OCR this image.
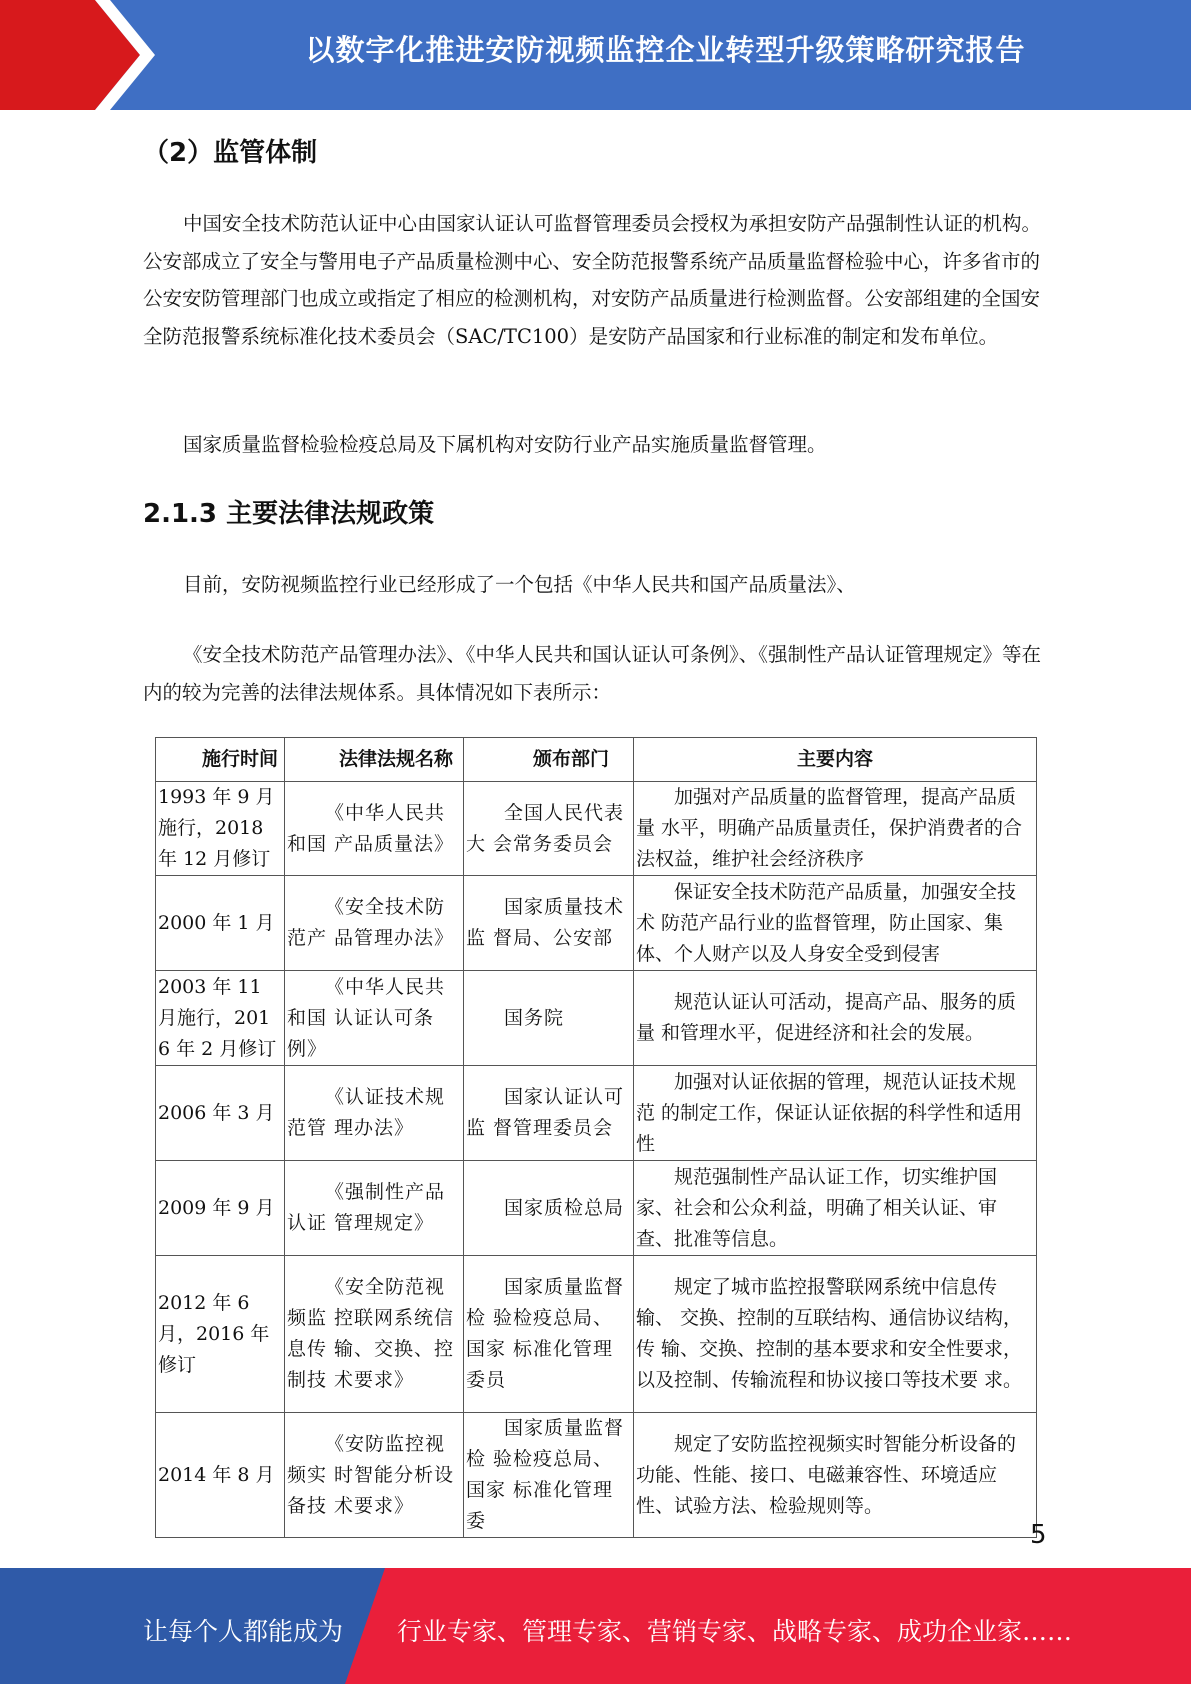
以数字化推进安防视频监控企业转型升级策略研究报告
（2）监管体制

中国安全技术防范认证中心由国家认证认可监督管理委员会授权为承担安防产品强制性认证的机构。公安部成立了安全与警用电子产品质量检测中心、安全防范报警系统产品质量监督检验中心，许多省市的公安安防管理部门也成立或指定了相应的检测机构，对安防产品质量进行检测监督。公安部组建的全国安全防范报警系统标准化技术委员会（SAC/TC100）是安防产品国家和行业标准的制定和发布单位。

国家质量监督检验检疫总局及下属机构对安防行业产品实施质量监督管理。

2.1.3 主要法律法规政策

目前，安防视频监控行业已经形成了一个包括《中华人民共和国产品质量法》、

《安全技术防范产品管理办法》、《中华人民共和国认证认可条例》、《强制性产品认证管理规定》等在内的较为完善的法律法规体系。具体情况如下表所示：

施行时间	法律法规名称	颁布部门	主要内容
1993 年 9 月施行，2018 年 12 月修订	《中华人民共和国 产品质量法》	全国人民代表大 会常务委员会	加强对产品质量的监督管理，提高产品质量 水平，明确产品质量责任，保护消费者的合法权益，维护社会经济秩序
2000 年 1 月	《安全技术防范产 品管理办法》	国家质量技术监 督局、公安部	保证安全技术防范产品质量，加强安全技术 防范产品行业的监督管理，防止国家、集体、个人财产以及人身安全受到侵害
2003 年 11 月施行，2016 年 2 月修订	《中华人民共和国 认证认可条例》	国务院	规范认证认可活动，提高产品、服务的质量 和管理水平，促进经济和社会的发展。
2006 年 3 月	《认证技术规范管 理办法》	国家认证认可监 督管理委员会	加强对认证依据的管理，规范认证技术规范 的制定工作，保证认证依据的科学性和适用性
2009 年 9 月	《强制性产品认证 管理规定》	国家质检总局	规范强制性产品认证工作，切实维护国家、社会和公众利益，明确了相关认证、审查、批准等信息。
2012 年 6 月，2016 年修订	《安全防范视频监 控联网系统信息传 输、交换、控制技 术要求》	国家质量监督检 验检疫总局、国家 标准化管理委员	规定了城市监控报警联网系统中信息传输、 交换、控制的互联结构、通信协议结构，传 输、交换、控制的基本要求和安全性要求，以及控制、传输流程和协议接口等技术要 求。
2014 年 8 月	《安防监控视频实 时智能分析设备技 术要求》	国家质量监督检 验检疫总局、国家 标准化管理委	规定了安防监控视频实时智能分析设备的功能、性能、接口、电磁兼容性、环境适应性、试验方法、检验规则等。
5
让每个人都能成为 行业专家、管理专家、营销专家、战略专家、成功企业家……
